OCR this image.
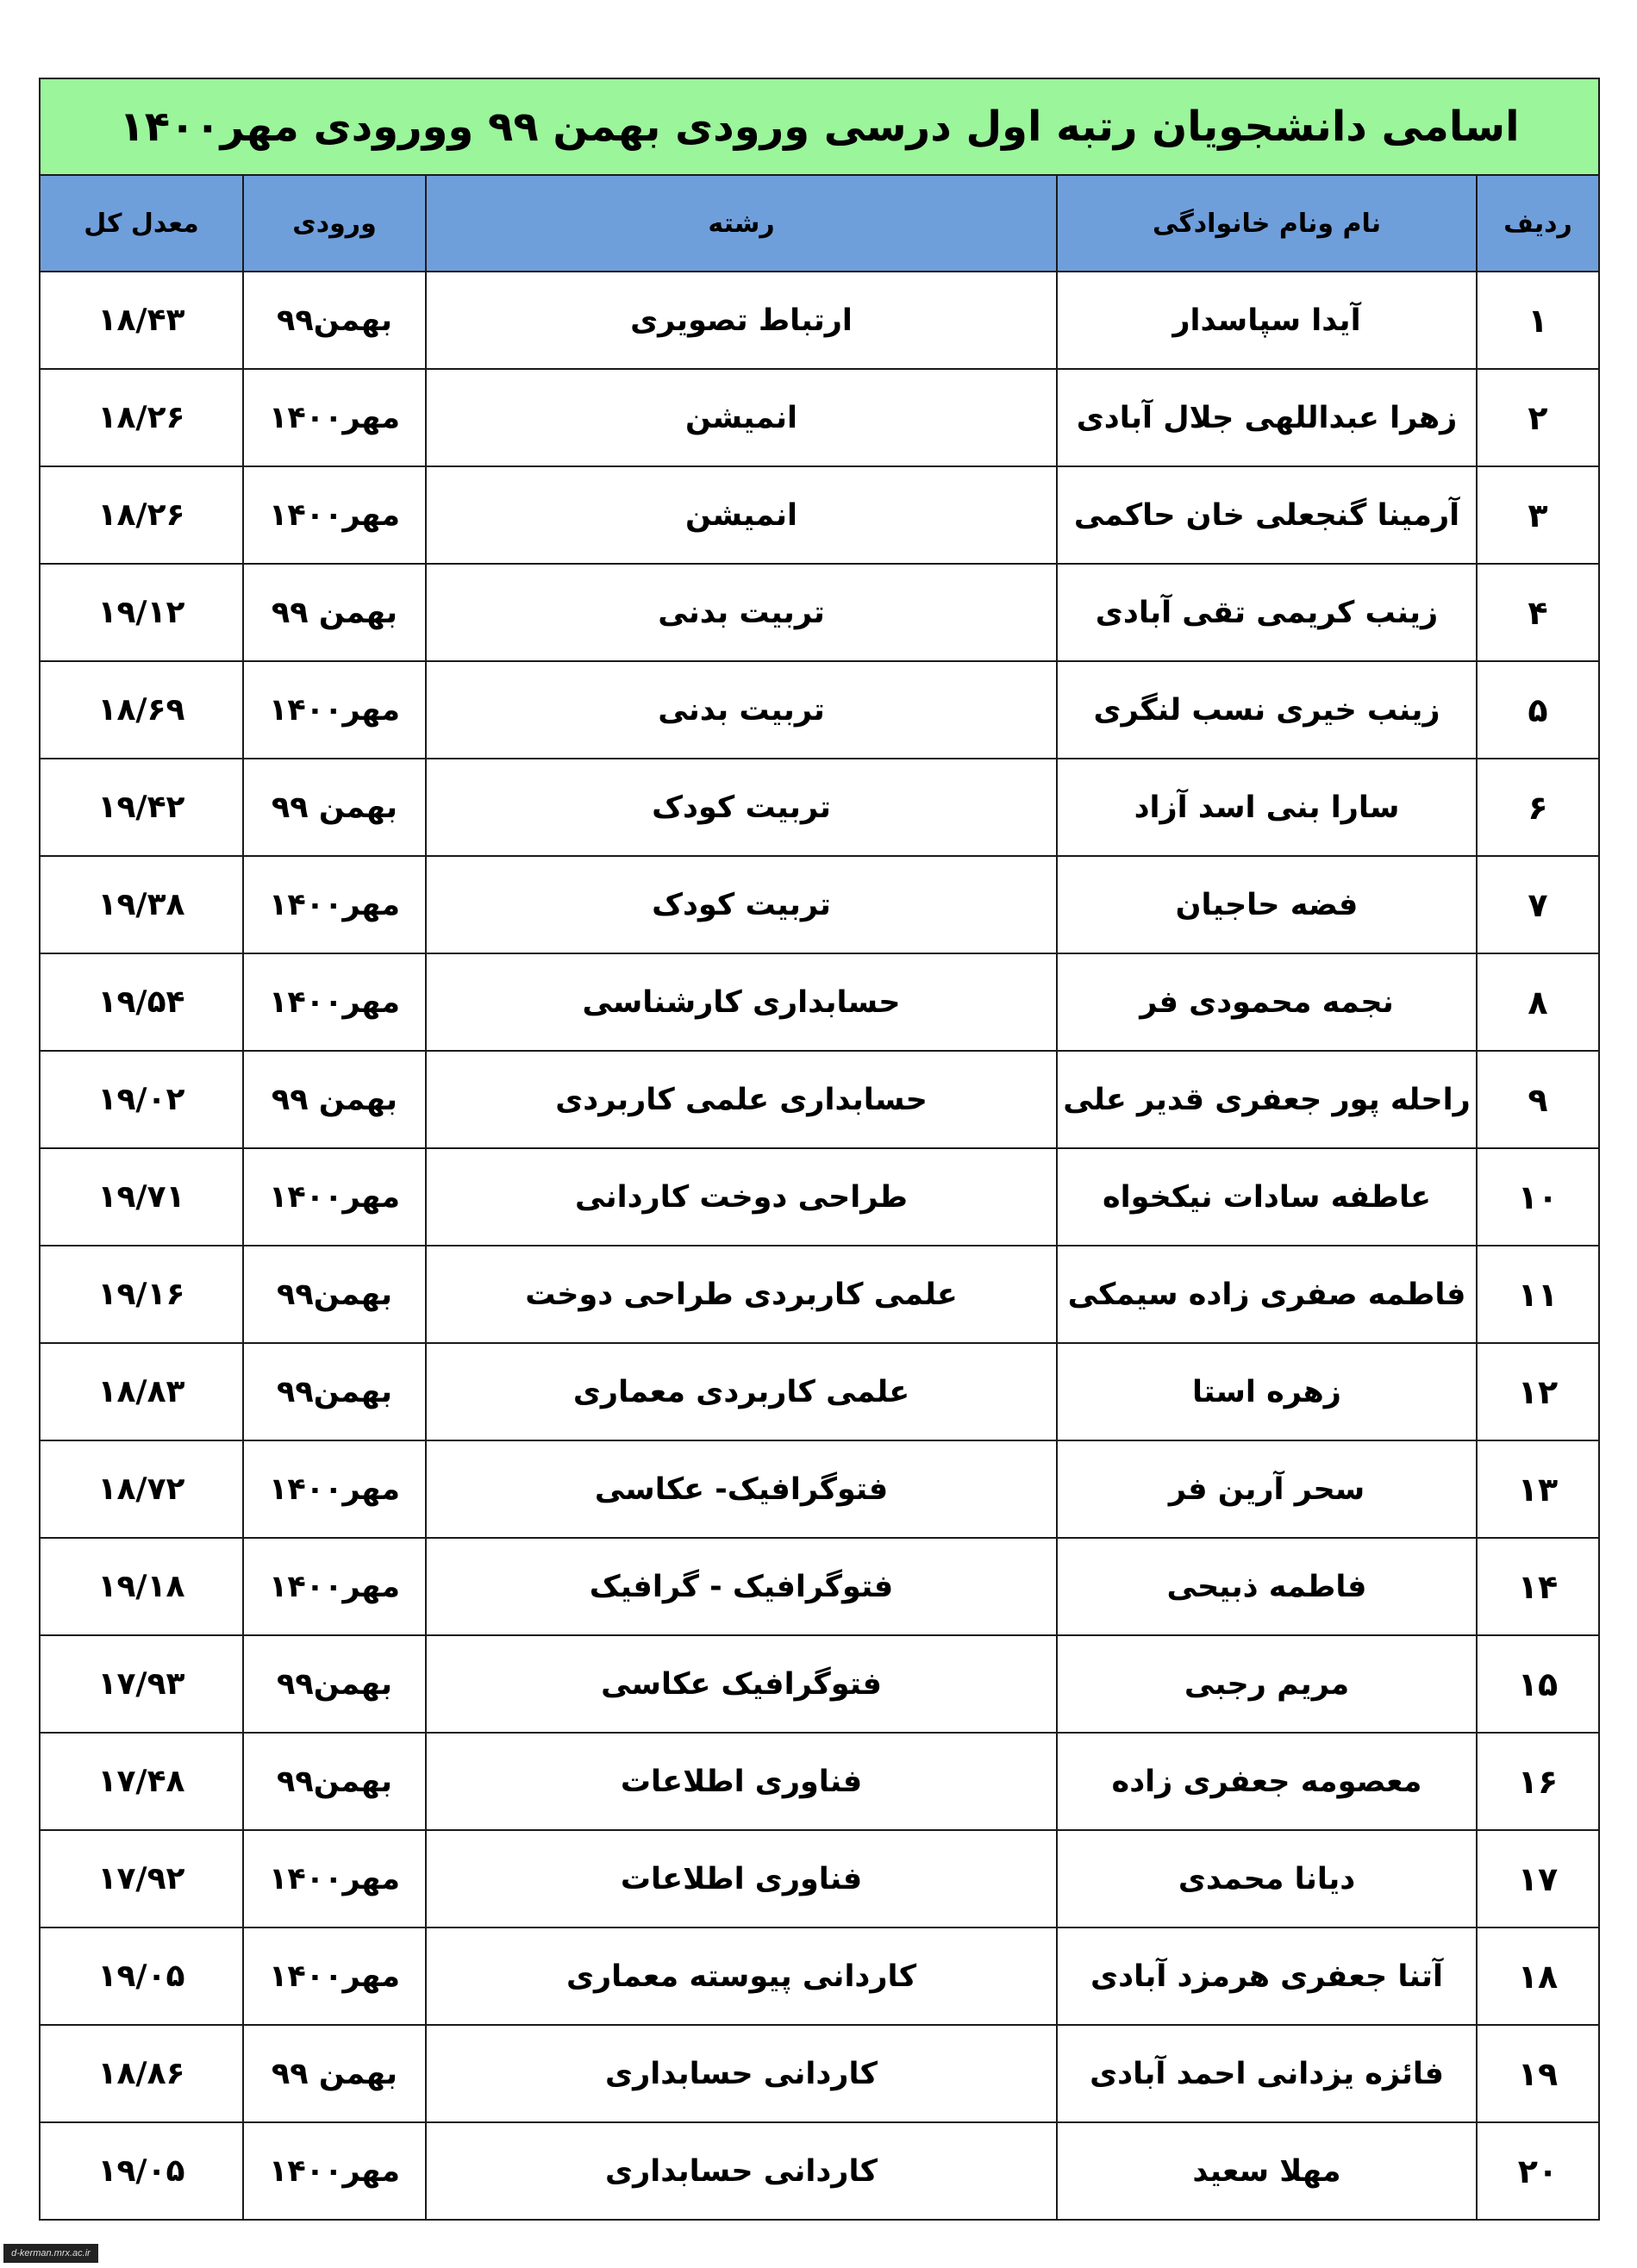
اسامی دانشجویان رتبه اول درسی ورودی بهمن ۹۹ وورودی مهر۱۴۰۰				
ردیف	نام ونام خانوادگی	رشته	ورودی	معدل کل
۱	آیدا سپاسدار	ارتباط تصویری	بهمن۹۹	۱۸/۴۳
۲	زهرا عبداللهی جلال آبادی	انمیشن	مهر۱۴۰۰	۱۸/۲۶
۳	آرمینا گنجعلی خان حاکمی	انمیشن	مهر۱۴۰۰	۱۸/۲۶
۴	زینب کریمی تقی آبادی	تربیت بدنی	بهمن ۹۹	۱۹/۱۲
۵	زینب خیری نسب لنگری	تربیت بدنی	مهر۱۴۰۰	۱۸/۶۹
۶	سارا بنی اسد آزاد	تربیت کودک	بهمن ۹۹	۱۹/۴۲
۷	فضه حاجیان	تربیت کودک	مهر۱۴۰۰	۱۹/۳۸
۸	نجمه محمودی فر	حسابداری کارشناسی	مهر۱۴۰۰	۱۹/۵۴
۹	راحله پور جعفری قدیر علی	حسابداری علمی کاربردی	بهمن ۹۹	۱۹/۰۲
۱۰	عاطفه سادات نیکخواه	طراحی دوخت کاردانی	مهر۱۴۰۰	۱۹/۷۱
۱۱	فاطمه صفری زاده سیمکی	علمی کاربردی طراحی دوخت	بهمن۹۹	۱۹/۱۶
۱۲	زهره استا	علمی کاربردی معماری	بهمن۹۹	۱۸/۸۳
۱۳	سحر آرین فر	فتوگرافیک- عکاسی	مهر۱۴۰۰	۱۸/۷۲
۱۴	فاطمه ذبیحی	فتوگرافیک - گرافیک	مهر۱۴۰۰	۱۹/۱۸
۱۵	مریم رجبی	فتوگرافیک عکاسی	بهمن۹۹	۱۷/۹۳
۱۶	معصومه جعفری زاده	فناوری اطلاعات	بهمن۹۹	۱۷/۴۸
۱۷	دیانا محمدی	فناوری اطلاعات	مهر۱۴۰۰	۱۷/۹۲
۱۸	آتنا جعفری هرمزد آبادی	کاردانی پیوسته معماری	مهر۱۴۰۰	۱۹/۰۵
۱۹	فائزه یزدانی احمد آبادی	کاردانی حسابداری	بهمن ۹۹	۱۸/۸۶
۲۰	مهلا سعید	کاردانی حسابداری	مهر۱۴۰۰	۱۹/۰۵
d-kerman.mrx.ac.ir
